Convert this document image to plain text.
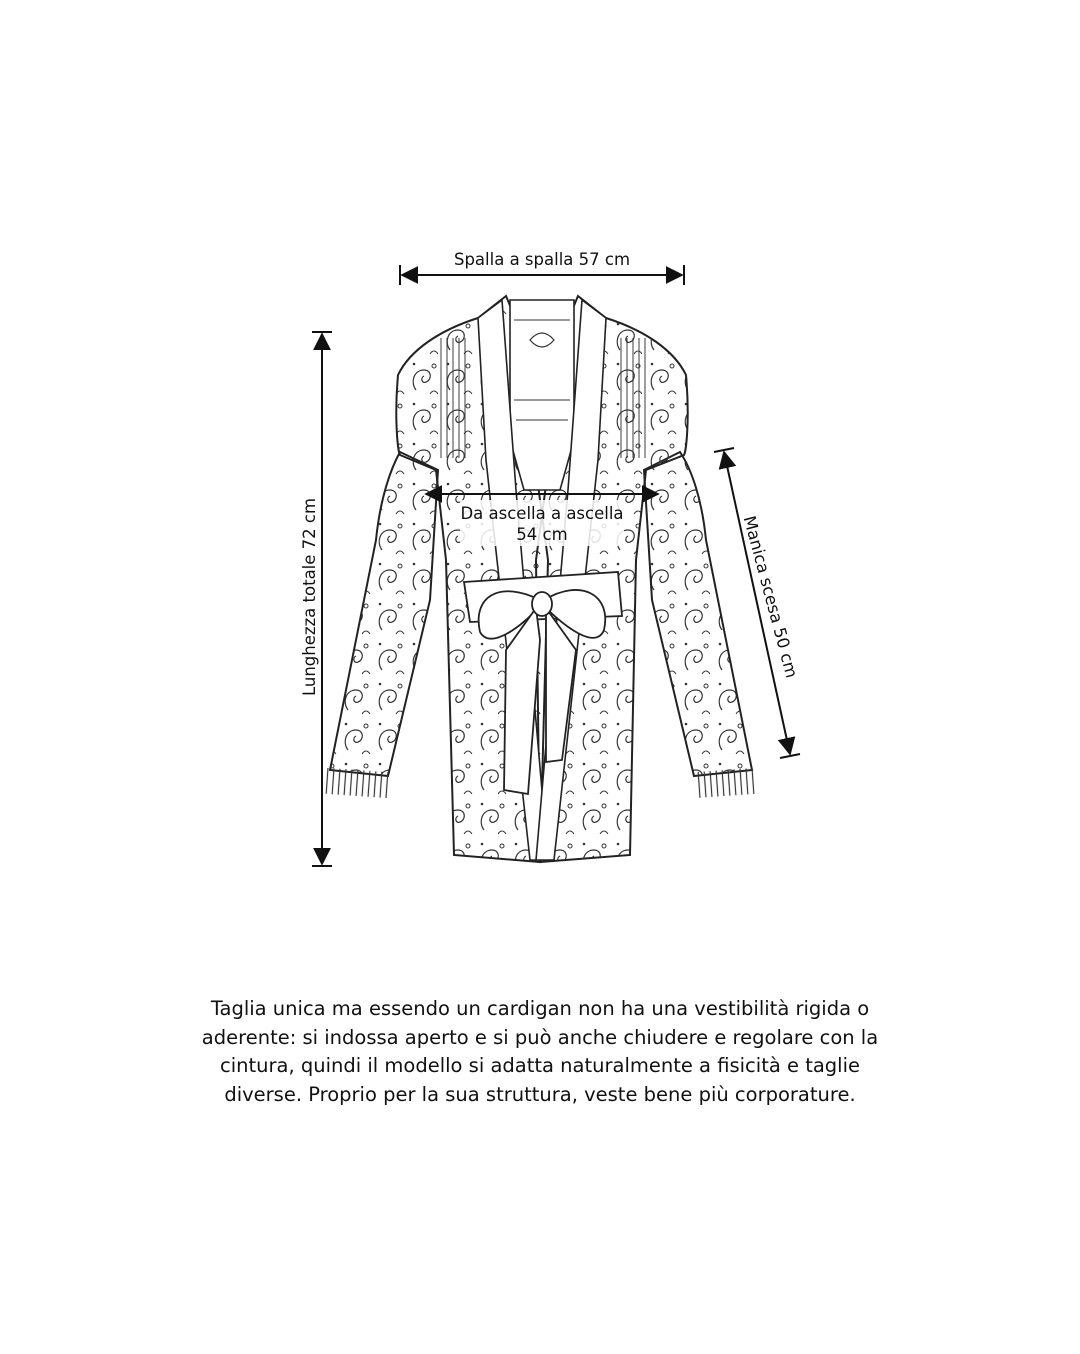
Spalla a spalla 57 cm
Da ascella a ascella
54 cm
Lunghezza totale 72 cm	Manica scesa 50 cm
Taglia unica ma essendo un cardigan non ha una vestibilità rigida o aderente: si indossa aperto e si può anche chiudere e regolare con la cintura, quindi il modello si adatta naturalmente a fisicità e taglie diverse. Proprio per la sua struttura, veste bene più corporature.
